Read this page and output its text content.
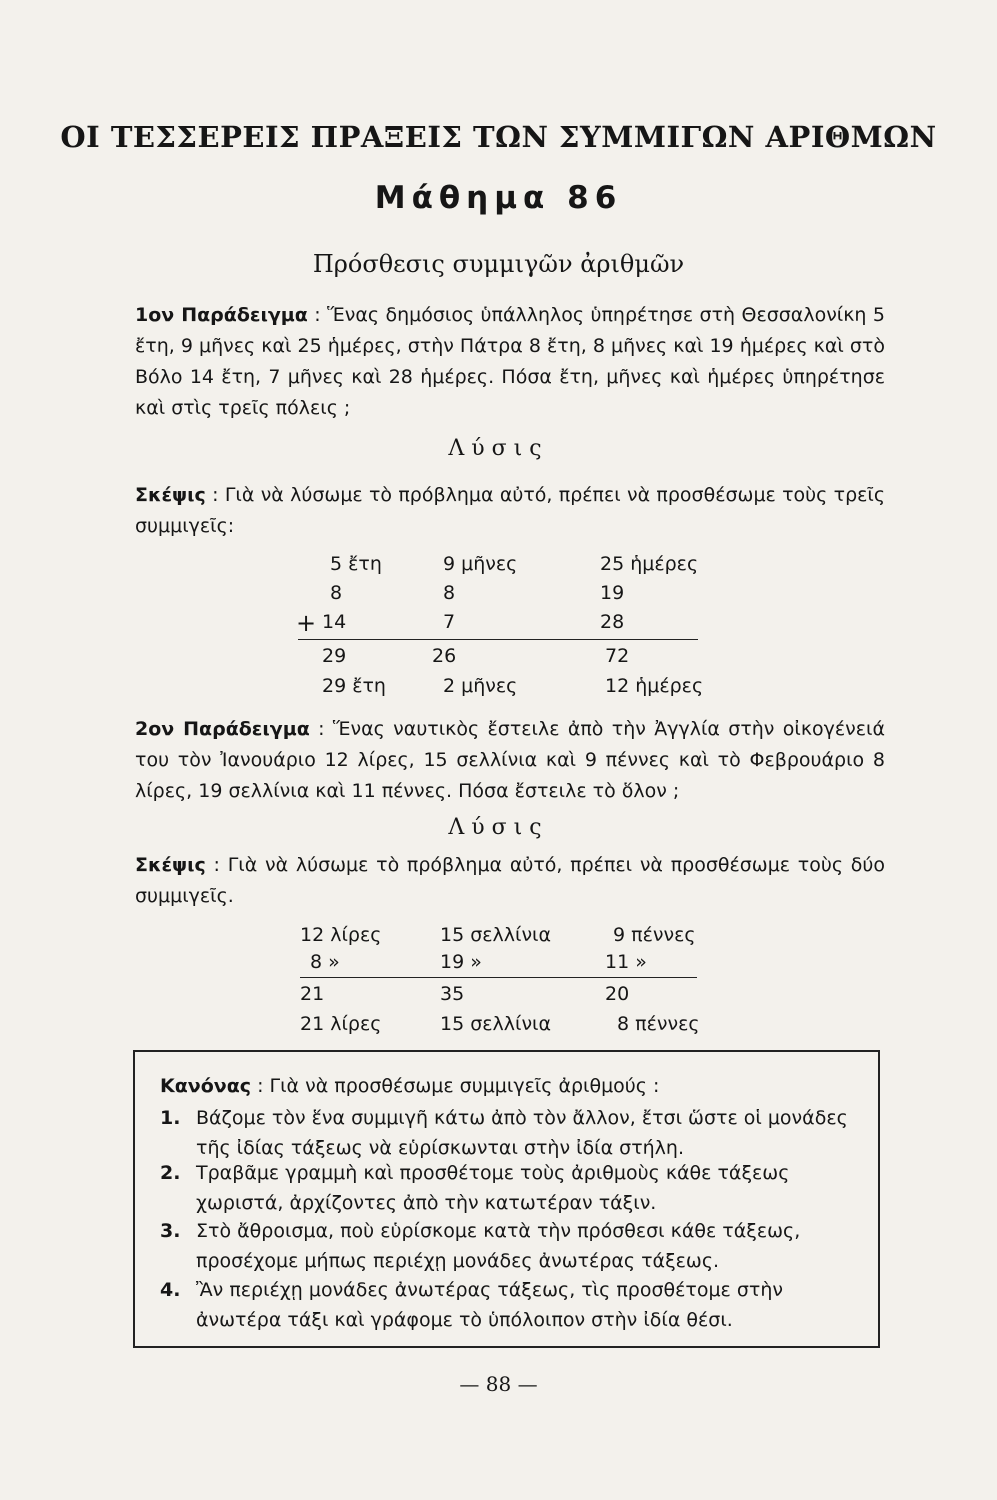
ΟΙ ΤΕΣΣΕΡΕΙΣ ΠΡΑΞΕΙΣ ΤΩΝ ΣΥΜΜΙΓΩΝ ΑΡΙΘΜΩΝ
Μάθημα 86
Πρόσθεσις συμμιγῶν ἀριθμῶν
1ον Παράδειγμα : Ἕνας δημόσιος ὑπάλληλος ὑπηρέτησε στὴ Θεσσαλονίκη 5 ἔτη, 9 μῆνες καὶ 25 ἡμέρες, στὴν Πάτρα 8 ἔτη, 8 μῆνες καὶ 19 ἡμέρες καὶ στὸ Βόλο 14 ἔτη, 7 μῆνες καὶ 28 ἡμέρες. Πόσα ἔτη, μῆνες καὶ ἡμέρες ὑπηρέτησε καὶ στὶς τρεῖς πόλεις ;
Λύσις
Σκέψις : Γιὰ νὰ λύσωμε τὸ πρόβλημα αὐτό, πρέπει νὰ προσθέσωμε τοὺς τρεῖς συμμιγεῖς:
5 ἔτη	9 μῆνες	25 ἡμέρες
8	8	19
+ 14	7	28
29	26	72
29 ἔτη	2 μῆνες	12 ἡμέρες
2ον Παράδειγμα : Ἕνας ναυτικὸς ἔστειλε ἀπὸ τὴν Ἀγγλία στὴν οἰκογένειά του τὸν Ἰανουάριο 12 λίρες, 15 σελλίνια καὶ 9 πέννες καὶ τὸ Φεβρουάριο 8 λίρες, 19 σελλίνια καὶ 11 πέννες. Πόσα ἔστειλε τὸ ὅλον ;
Λύσις
Σκέψις : Γιὰ νὰ λύσωμε τὸ πρόβλημα αὐτό, πρέπει νὰ προσθέσωμε τοὺς δύο συμμιγεῖς.
12 λίρες	15 σελλίνια	9 πέννες
8 »	19 »	11 »
21	35	20
21 λίρες	15 σελλίνια	8 πέννες
Κανόνας : Γιὰ νὰ προσθέσωμε συμμιγεῖς ἀριθμούς :
1. Βάζομε τὸν ἕνα συμμιγῆ κάτω ἀπὸ τὸν ἄλλον, ἔτσι ὥστε οἱ μονάδες τῆς ἰδίας τάξεως νὰ εὑρίσκωνται στὴν ἰδία στήλη.
2. Τραβᾶμε γραμμὴ καὶ προσθέτομε τοὺς ἀριθμοὺς κάθε τάξεως χωριστά, ἀρχίζοντες ἀπὸ τὴν κατωτέραν τάξιν.
3. Στὸ ἄθροισμα, ποὺ εὑρίσκομε κατὰ τὴν πρόσθεσι κάθε τάξεως, προσέχομε μήπως περιέχῃ μονάδες ἀνωτέρας τάξεως.
4. Ἂν περιέχῃ μονάδες ἀνωτέρας τάξεως, τὶς προσθέτομε στὴν ἀνωτέρα τάξι καὶ γράφομε τὸ ὑπόλοιπον στὴν ἰδία θέσι.
— 88 —
